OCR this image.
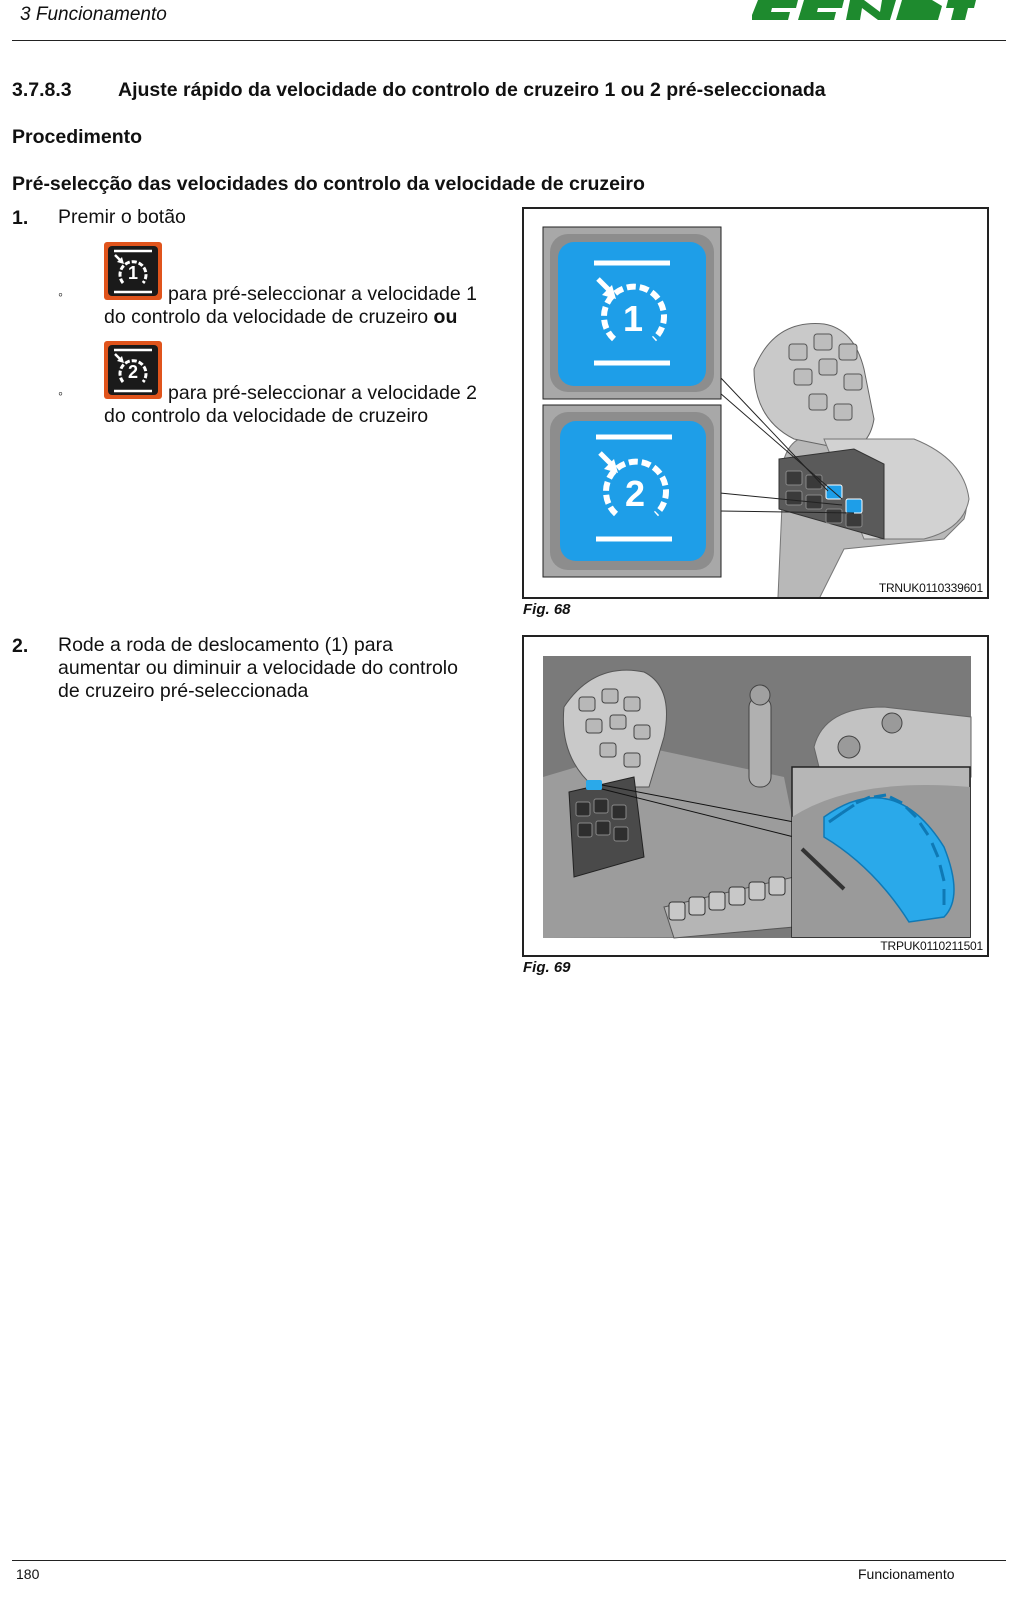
3 Funcionamento
3.7.8.3 Ajuste rápido da velocidade do controlo de cruzeiro 1 ou 2 pré-seleccionada
Procedimento
Pré-selecção das velocidades do controlo da velocidade de cruzeiro
1. Premir o botão
◦
1
para pré-seleccionar a velocidade 1
do controlo da velocidade de cruzeiro ou
◦
2
para pré-seleccionar a velocidade 2
do controlo da velocidade de cruzeiro
1
2
TRNUK0110339601
Fig. 68
2. Rode a roda de deslocamento (1) para
aumentar ou diminuir a velocidade do controlo
de cruzeiro pré-seleccionada
TRPUK0110211501
Fig. 69
180	Funcionamento
